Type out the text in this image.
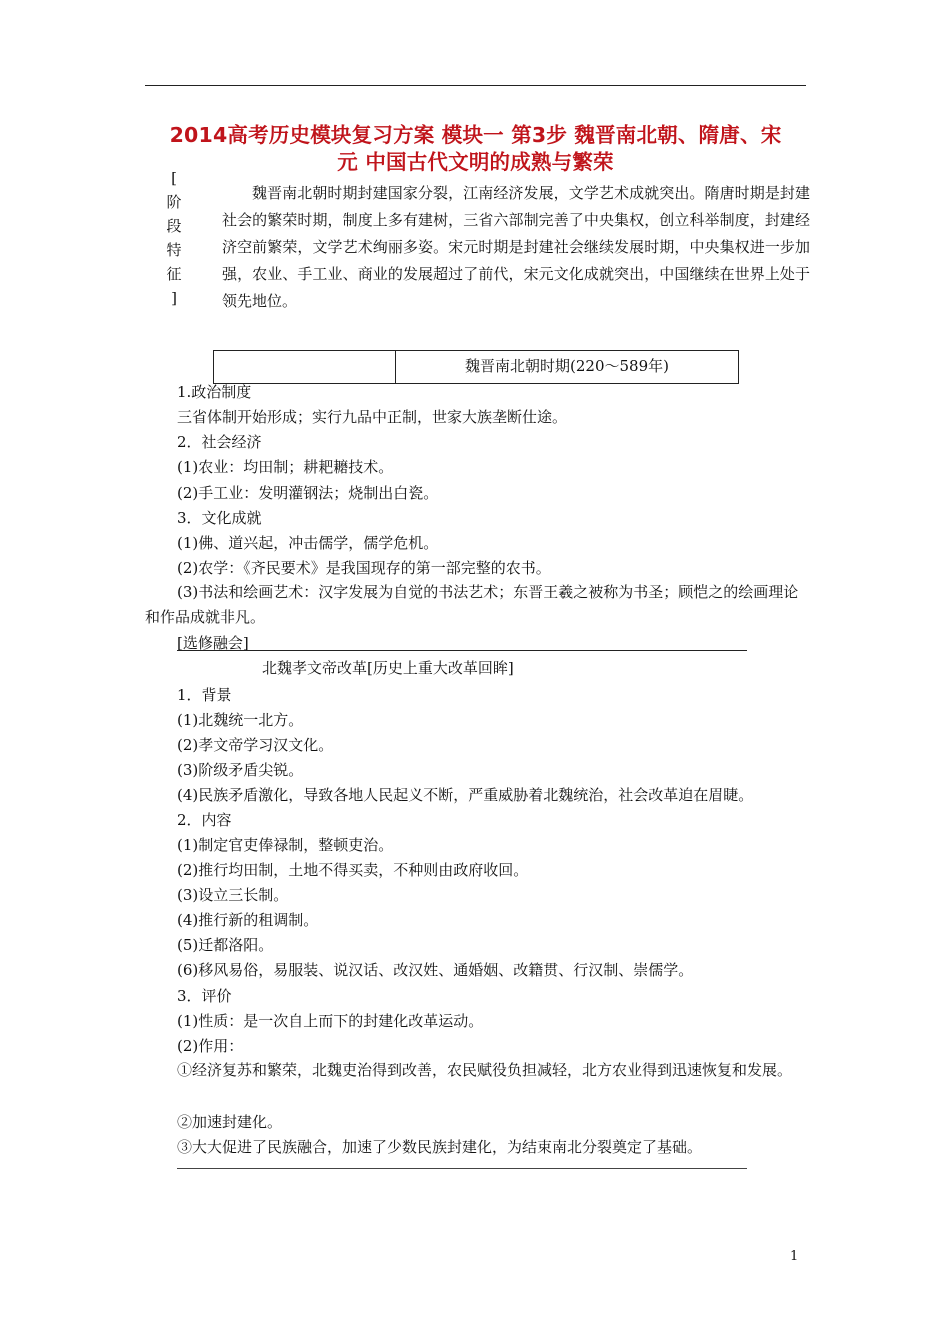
2014高考历史模块复习方案 模块一 第3步 魏晋南北朝、隋唐、宋
元 中国古代文明的成熟与繁荣
[
阶
段
特
征
]
魏晋南北朝时期封建国家分裂，江南经济发展，文学艺术成就突出。隋唐时期是封建社会的繁荣时期，制度上多有建树，三省六部制完善了中央集权，创立科举制度，封建经济空前繁荣，文学艺术绚丽多姿。宋元时期是封建社会继续发展时期，中央集权进一步加强，农业、手工业、商业的发展超过了前代，宋元文化成就突出，中国继续在世界上处于领先地位。
魏晋南北朝时期(220～589年)
1.政治制度
三省体制开始形成；实行九品中正制，世家大族垄断仕途。
2．社会经济
(1)农业：均田制；耕耙耱技术。
(2)手工业：发明灌钢法；烧制出白瓷。
3．文化成就
(1)佛、道兴起，冲击儒学，儒学危机。
(2)农学：《齐民要术》是我国现存的第一部完整的农书。
(3)书法和绘画艺术：汉字发展为自觉的书法艺术；东晋王羲之被称为书圣；顾恺之的绘画理论和作品成就非凡。
[选修融会]
北魏孝文帝改革[历史上重大改革回眸]
1．背景
(1)北魏统一北方。
(2)孝文帝学习汉文化。
(3)阶级矛盾尖锐。
(4)民族矛盾激化，导致各地人民起义不断，严重威胁着北魏统治，社会改革迫在眉睫。
2．内容
(1)制定官吏俸禄制，整顿吏治。
(2)推行均田制，土地不得买卖，不种则由政府收回。
(3)设立三长制。
(4)推行新的租调制。
(5)迁都洛阳。
(6)移风易俗，易服装、说汉话、改汉姓、通婚姻、改籍贯、行汉制、崇儒学。
3．评价
(1)性质：是一次自上而下的封建化改革运动。
(2)作用：
①经济复苏和繁荣，北魏吏治得到改善，农民赋役负担减轻，北方农业得到迅速恢复和发展。
②加速封建化。
③大大促进了民族融合，加速了少数民族封建化，为结束南北分裂奠定了基础。
1
